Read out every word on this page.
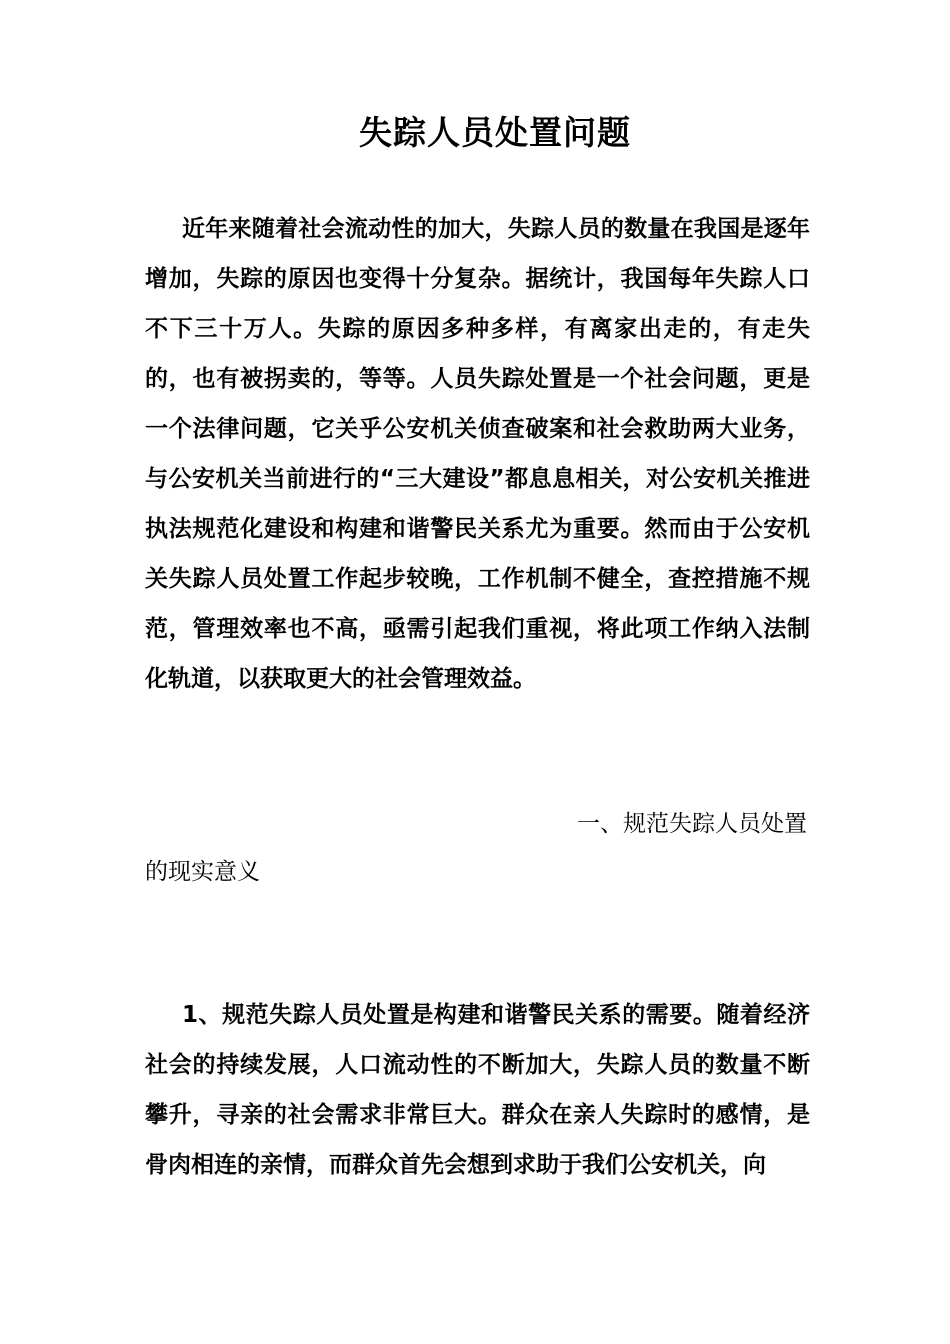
失踪人员处置问题

近年来随着社会流动性的加大，失踪人员的数量在我国是逐年增加，失踪的原因也变得十分复杂。据统计，我国每年失踪人口不下三十万人。失踪的原因多种多样，有离家出走的，有走失的，也有被拐卖的，等等。人员失踪处置是一个社会问题，更是一个法律问题，它关乎公安机关侦查破案和社会救助两大业务，与公安机关当前进行的“三大建设”都息息相关，对公安机关推进执法规范化建设和构建和谐警民关系尤为重要。然而由于公安机关失踪人员处置工作起步较晚，工作机制不健全，查控措施不规范，管理效率也不高，亟需引起我们重视，将此项工作纳入法制化轨道，以获取更大的社会管理效益。

一、规范失踪人员处置的现实意义

1、规范失踪人员处置是构建和谐警民关系的需要。随着经济社会的持续发展，人口流动性的不断加大，失踪人员的数量不断攀升，寻亲的社会需求非常巨大。群众在亲人失踪时的感情，是骨肉相连的亲情，而群众首先会想到求助于我们公安机关，向
